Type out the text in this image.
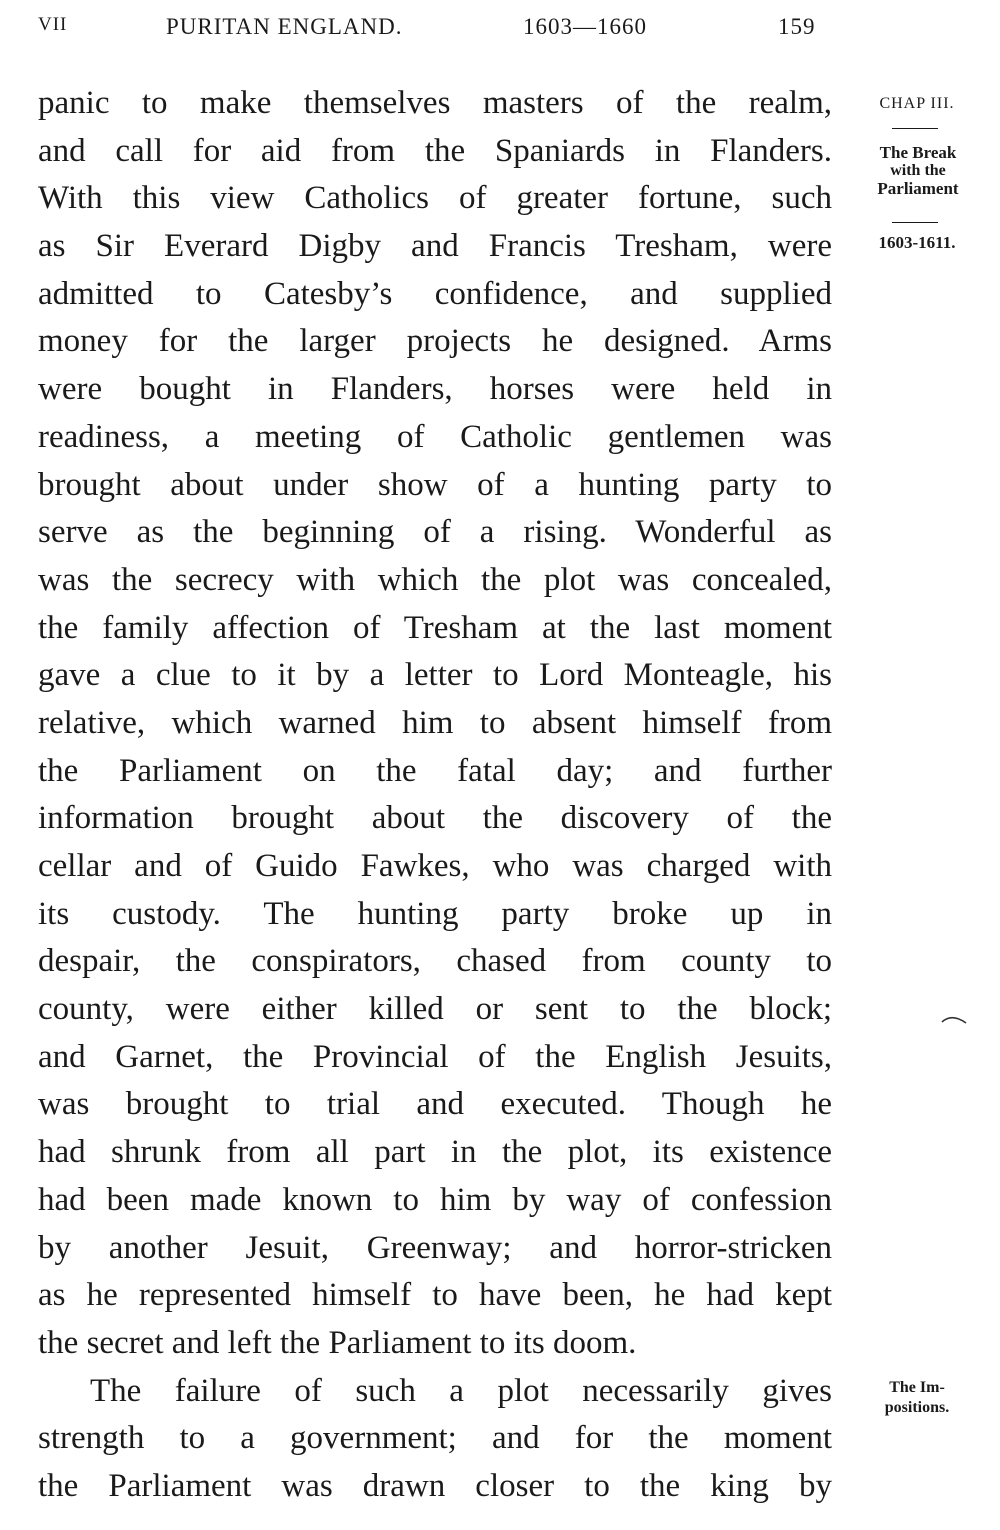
VII	PURITAN ENGLAND.	1603—1660	159
panic to make themselves masters of the realm,
and call for aid from the Spaniards in Flanders.
With this view Catholics of greater fortune, such
as Sir Everard Digby and Francis Tresham, were
admitted to Catesby’s confidence, and supplied
money for the larger projects he designed. Arms
were bought in Flanders, horses were held in
readiness, a meeting of Catholic gentlemen was
brought about under show of a hunting party to
serve as the beginning of a rising. Wonderful as
was the secrecy with which the plot was concealed,
the family affection of Tresham at the last moment
gave a clue to it by a letter to Lord Monteagle, his
relative, which warned him to absent himself from
the Parliament on the fatal day; and further
information brought about the discovery of the
cellar and of Guido Fawkes, who was charged with
its custody. The hunting party broke up in
despair, the conspirators, chased from county to
county, were either killed or sent to the block;
and Garnet, the Provincial of the English Jesuits,
was brought to trial and executed. Though he
had shrunk from all part in the plot, its existence
had been made known to him by way of confession
by another Jesuit, Greenway; and horror-stricken
as he represented himself to have been, he had kept
the secret and left the Parliament to its doom.
The failure of such a plot necessarily gives
strength to a government; and for the moment
the Parliament was drawn closer to the king by
CHAP III.
The Break
with the
Parliament
1603-1611.
The Im-
positions.
